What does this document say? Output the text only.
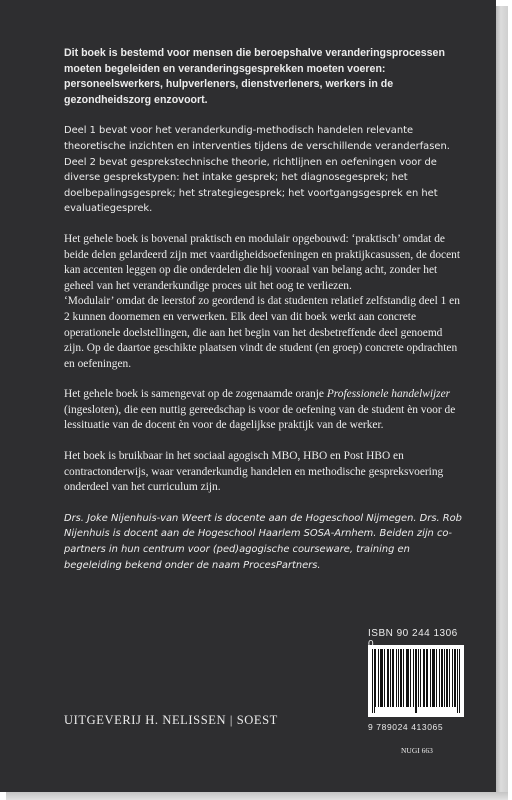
Dit boek is bestemd voor mensen die beroepshalve veranderingsprocessen moeten begeleiden en veranderingsgesprekken moeten voeren: personeelswerkers, hulpverleners, dienstverleners, werkers in de gezondheidszorg enzovoort.

Deel 1 bevat voor het veranderkundig-methodisch handelen relevante theoretische inzichten en interventies tijdens de verschillende veranderfasen.

Deel 2 bevat gesprekstechnische theorie, richtlijnen en oefeningen voor de diverse gesprekstypen: het intake gesprek; het diagnosegesprek; het doelbepalingsgesprek; het strategiegesprek; het voortgangsgesprek en het evaluatiegesprek.

Het gehele boek is bovenal praktisch en modulair opgebouwd: ‘praktisch’ omdat de beide delen gelardeerd zijn met vaardigheidsoefeningen en praktijkcasussen, de docent kan accenten leggen op die onderdelen die hij vooraal van belang acht, zonder het geheel van het veranderkundige proces uit het oog te verliezen.

‘Modulair’ omdat de leerstof zo geordend is dat studenten relatief zelfstandig deel 1 en 2 kunnen doornemen en verwerken. Elk deel van dit boek werkt aan concrete operationele doelstellingen, die aan het begin van het desbetreffende deel genoemd zijn. Op de daartoe geschikte plaatsen vindt de student (en groep) concrete opdrachten en oefeningen.

Het gehele boek is samengevat op de zogenaamde oranje Professionele handelwijzer (ingesloten), die een nuttig gereedschap is voor de oefening van de student èn voor de lessituatie van de docent èn voor de dagelijkse praktijk van de werker.

Het boek is bruikbaar in het sociaal agogisch MBO, HBO en Post HBO en contractonderwijs, waar veranderkundig handelen en methodische gespreksvoering onderdeel van het curriculum zijn.

Drs. Joke Nijenhuis-van Weert is docente aan de Hogeschool Nijmegen. Drs. Rob Nijenhuis is docent aan de Hogeschool Haarlem SOSA-Arnhem. Beiden zijn co-partners in hun centrum voor (ped)agogische courseware, training en begeleiding bekend onder de naam ProcesPartners.

ISBN 90 244 1306
9 789024 413065
UITGEVERIJ H. NELISSEN | SOEST
NUGI 663
